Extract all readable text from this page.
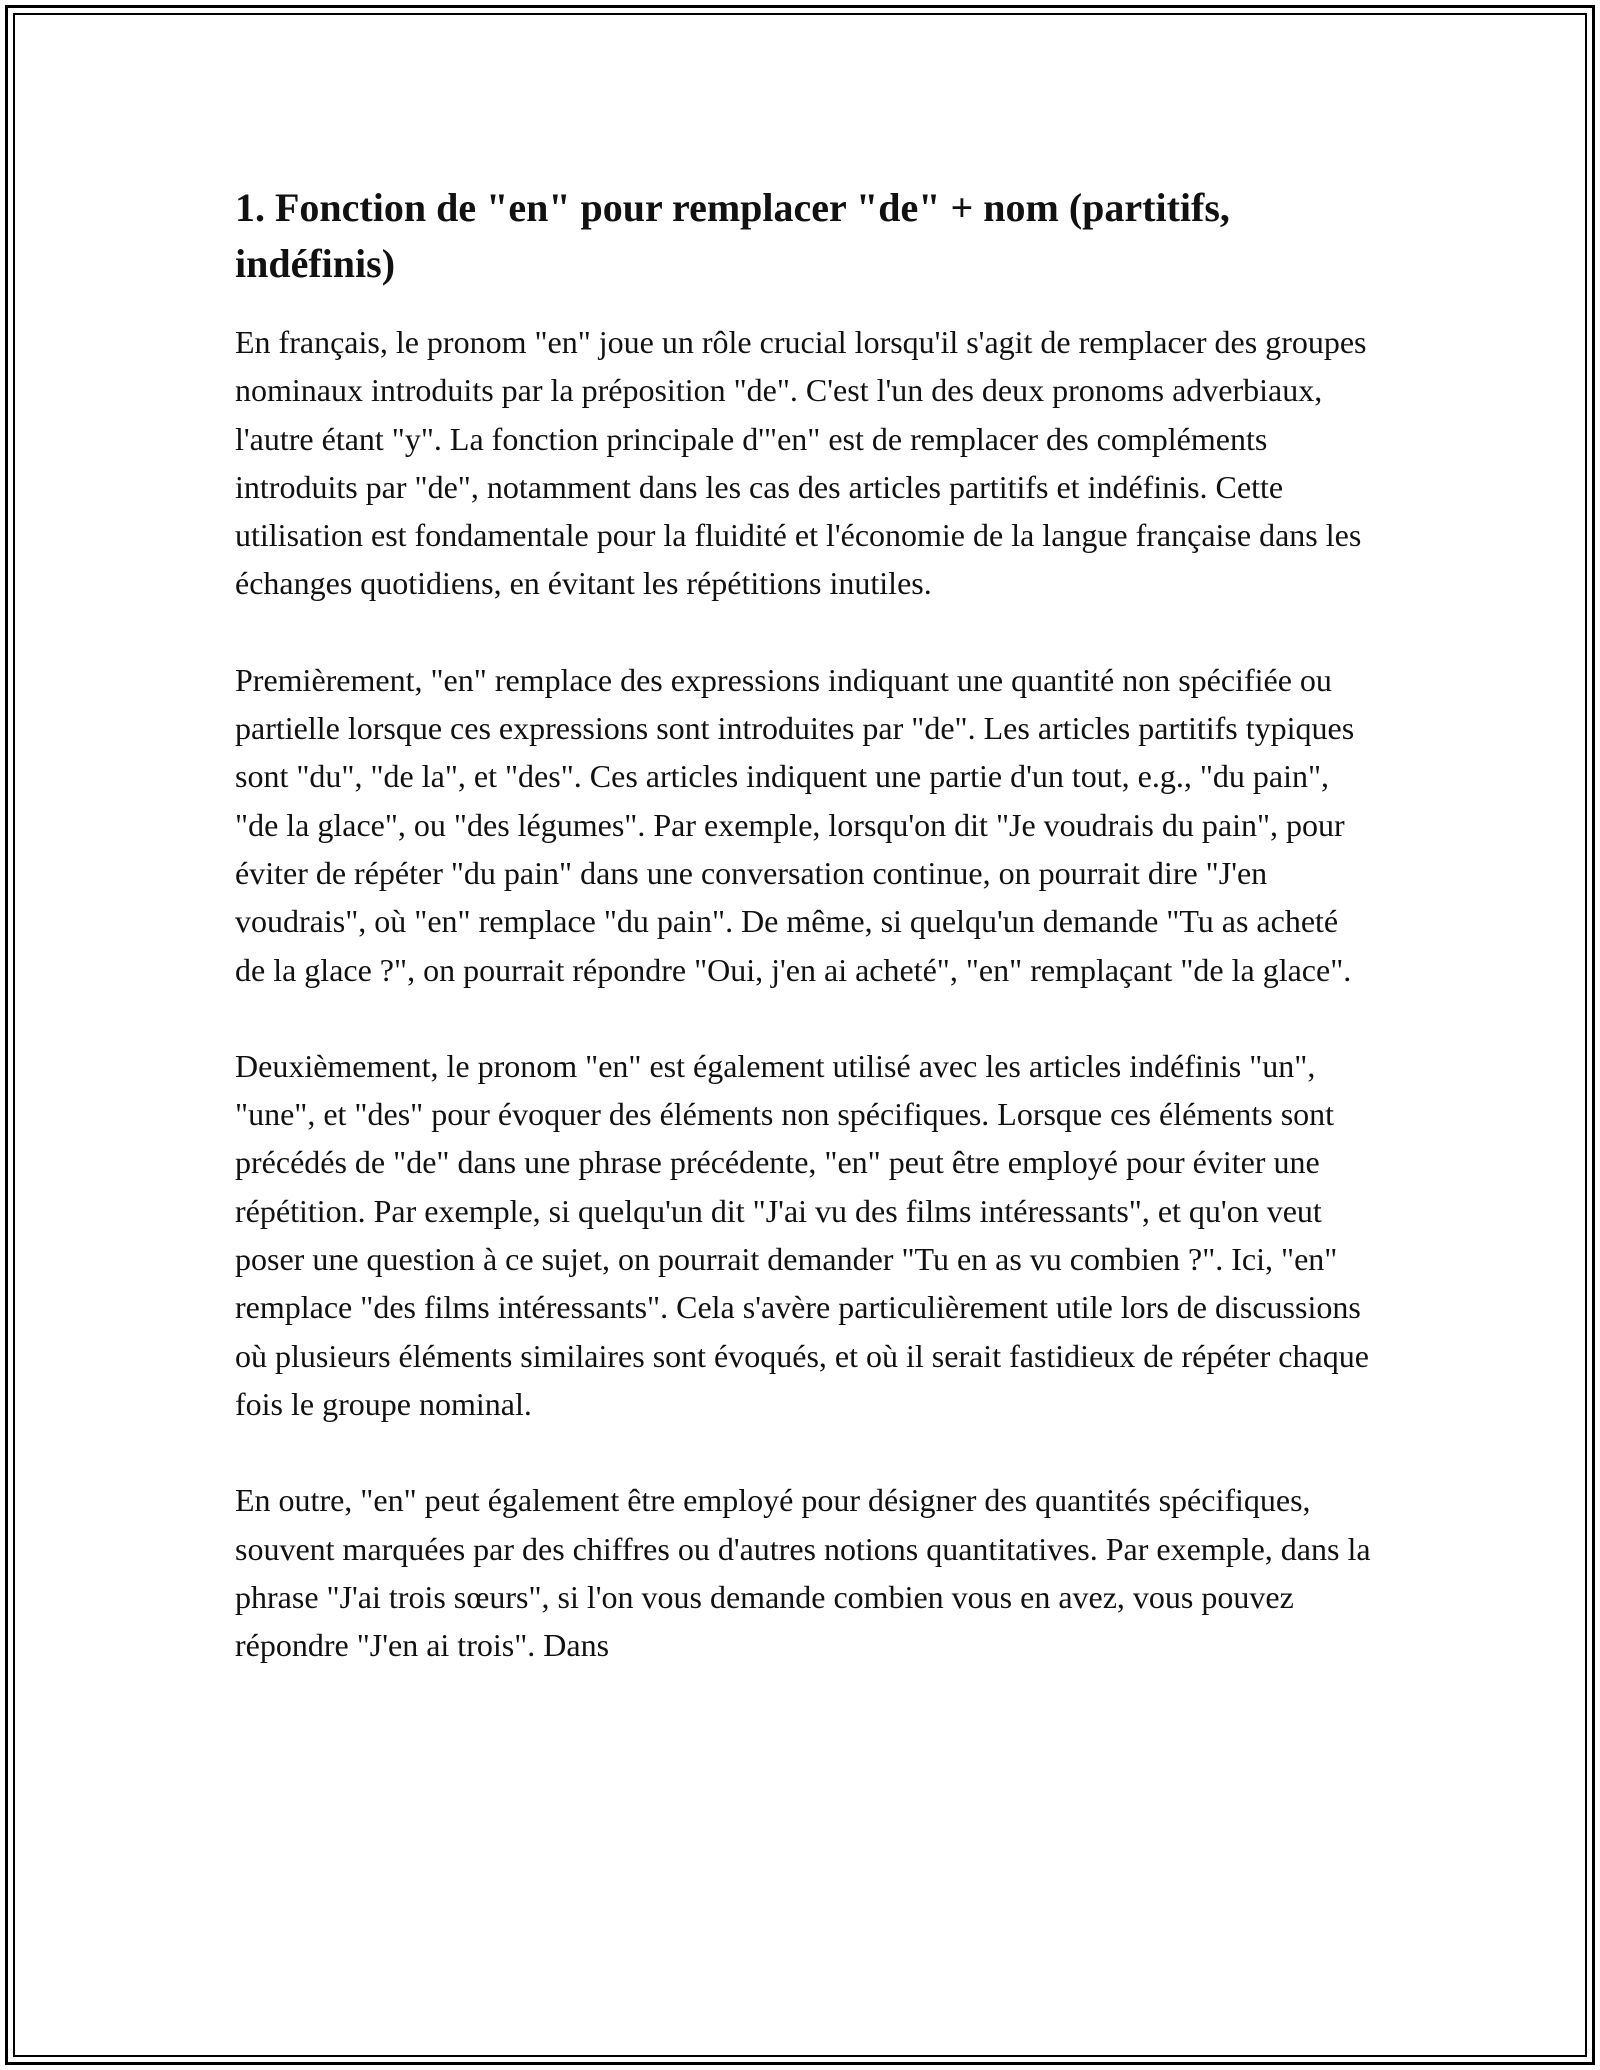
1. Fonction de "en" pour remplacer "de" + nom (partitifs, indéfinis)

En français, le pronom "en" joue un rôle crucial lorsqu'il s'agit de remplacer des groupes nominaux introduits par la préposition "de". C'est l'un des deux pronoms adverbiaux, l'autre étant "y". La fonction principale d'"en" est de remplacer des compléments introduits par "de", notamment dans les cas des articles partitifs et indéfinis. Cette utilisation est fondamentale pour la fluidité et l'économie de la langue française dans les échanges quotidiens, en évitant les répétitions inutiles.

Premièrement, "en" remplace des expressions indiquant une quantité non spécifiée ou partielle lorsque ces expressions sont introduites par "de". Les articles partitifs typiques sont "du", "de la", et "des". Ces articles indiquent une partie d'un tout, e.g., "du pain", "de la glace", ou "des légumes". Par exemple, lorsqu'on dit "Je voudrais du pain", pour éviter de répéter "du pain" dans une conversation continue, on pourrait dire "J'en voudrais", où "en" remplace "du pain". De même, si quelqu'un demande "Tu as acheté de la glace ?", on pourrait répondre "Oui, j'en ai acheté", "en" remplaçant "de la glace".

Deuxièmement, le pronom "en" est également utilisé avec les articles indéfinis "un", "une", et "des" pour évoquer des éléments non spécifiques. Lorsque ces éléments sont précédés de "de" dans une phrase précédente, "en" peut être employé pour éviter une répétition. Par exemple, si quelqu'un dit "J'ai vu des films intéressants", et qu'on veut poser une question à ce sujet, on pourrait demander "Tu en as vu combien ?". Ici, "en" remplace "des films intéressants". Cela s'avère particulièrement utile lors de discussions où plusieurs éléments similaires sont évoqués, et où il serait fastidieux de répéter chaque fois le groupe nominal.

En outre, "en" peut également être employé pour désigner des quantités spécifiques, souvent marquées par des chiffres ou d'autres notions quantitatives. Par exemple, dans la phrase "J'ai trois sœurs", si l'on vous demande combien vous en avez, vous pouvez répondre "J'en ai trois". Dans
